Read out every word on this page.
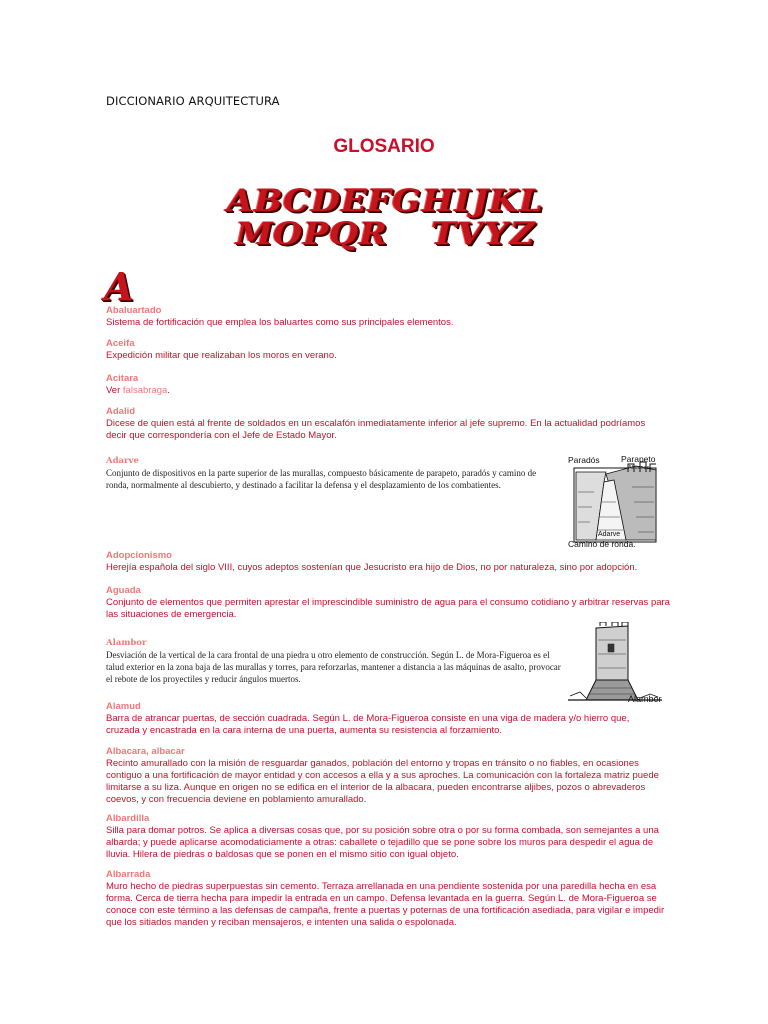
DICCIONARIO ARQUITECTURA
GLOSARIO
A B C D E F G H I J K L
M O P Q R T V Y Z
A
Abaluartado
Sistema de fortificación que emplea los baluartes como sus principales elementos.
Aceifa
Expedición militar que realizaban los moros en verano.
Acitara
Ver falsabraga.
Adalid
Dicese de quien está al frente de soldados en un escalafón inmediatamente inferior al jefe supremo. En la actualidad podríamos decir que correspondería con el Jefe de Estado Mayor.
Adarve
Conjunto de dispositivos en la parte superior de las murallas, compuesto básicamente de parapeto, paradós y camino de ronda, normalmente al descubierto, y destinado a facilitar la defensa y el desplazamiento de los combatientes.
Paradós	Parapeto
Almenas
Adarve
Camino de ronda.
Adopcionismo
Herejía española del siglo VIII, cuyos adeptos sostenían que Jesucristo era hijo de Dios, no por naturaleza, sino por adopción.
Aguada
Conjunto de elementos que permiten aprestar el imprescindible suministro de agua para el consumo cotidiano y arbitrar reservas para las situaciones de emergencia.
Alambor
Desviación de la vertical de la cara frontal de una piedra u otro elemento de construcción. Según L. de Mora-Figueroa es el talud exterior en la zona baja de las murallas y torres, para reforzarlas, mantener a distancia a las máquinas de asalto, provocar el rebote de los proyectiles y reducir ángulos muertos.
Alambor
Alamud
Barra de atrancar puertas, de sección cuadrada. Según L. de Mora-Figueroa consiste en una viga de madera y/o hierro que, cruzada y encastrada en la cara interna de una puerta, aumenta su resistencia al forzamiento.
Albacara, albacar
Recinto amurallado con la misión de resguardar ganados, población del entorno y tropas en tránsito o no fiables, en ocasiones contiguo a una fortificación de mayor entidad y con accesos a ella y a sus aproches. La comunicación con la fortaleza matriz puede limitarse a su liza. Aunque en origen no se edifica en el interior de la albacara, pueden encontrarse aljibes, pozos o abrevaderos coevos, y con frecuencia deviene en poblamiento amurallado.
Albardilla
Silla para domar potros. Se aplica a diversas cosas que, por su posición sobre otra o por su forma combada, son semejantes a una albarda; y puede aplicarse acomodaticiamente a otras: caballete o tejadillo que se pone sobre los muros para despedir el agua de lluvia. Hilera de piedras o baldosas que se ponen en el mismo sitio con igual objeto.
Albarrada
Muro hecho de piedras superpuestas sin cemento. Terraza arrellanada en una pendiente sostenida por una paredilla hecha en esa forma. Cerca de tierra hecha para impedir la entrada en un campo. Defensa levantada en la guerra. Según L. de Mora-Figueroa se conoce con este término a las defensas de campaña, frente a puertas y poternas de una fortificación asediada, para vigilar e impedir que los sitiados manden y reciban mensajeros, e intenten una salida o espolonada.
